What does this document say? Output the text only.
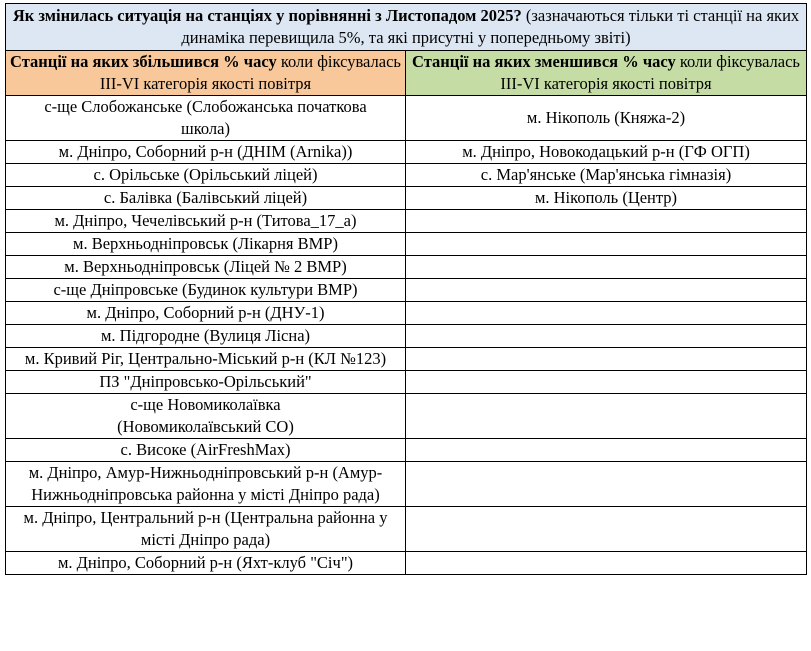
Як змінилась ситуація на станціях у порівнянні з Листопадом 2025? (зазначаються тільки ті станції на яких динаміка перевищила 5%, та які присутні у попередньому звіті)	
Станції на яких збільшився % часу коли фіксувалась III-VI категорія якості повітря	Станції на яких зменшився % часу коли фіксувалась III-VI категорія якості повітря
с-ще Слобожанське (Слобожанська початкова школа)	м. Нікополь (Княжа-2)
м. Дніпро, Соборний р-н (ДНІМ (Arnika))	м. Дніпро, Новокодацький р-н (ГФ ОГП)
с. Орільське (Орільський ліцей)	с. Мар'янське (Мар'янська гімназія)
с. Балівка (Балівський ліцей)	м. Нікополь (Центр)
м. Дніпро, Чечелівський р-н (Титова_17_а)	
м. Верхньодніпровськ (Лікарня ВМР)	
м. Верхньодніпровськ (Ліцей № 2 ВМР)	
с-ще Дніпровське (Будинок культури ВМР)	
м. Дніпро, Соборний р-н (ДНУ-1)	
м. Підгородне (Вулиця Лісна)	
м. Кривий Ріг, Центрально-Міський р-н (КЛ №123)	
ПЗ "Дніпровсько-Орільський"	
с-ще Новомиколаївка (Новомиколаївський СО)	
с. Високе (AirFreshMax)	
м. Дніпро, Амур-Нижньодніпровський р-н (Амур-Нижньодніпровська районна у місті Дніпро рада)	
м. Дніпро, Центральний р-н (Центральна районна у місті Дніпро рада)	
м. Дніпро, Соборний р-н (Яхт-клуб "Січ")	
